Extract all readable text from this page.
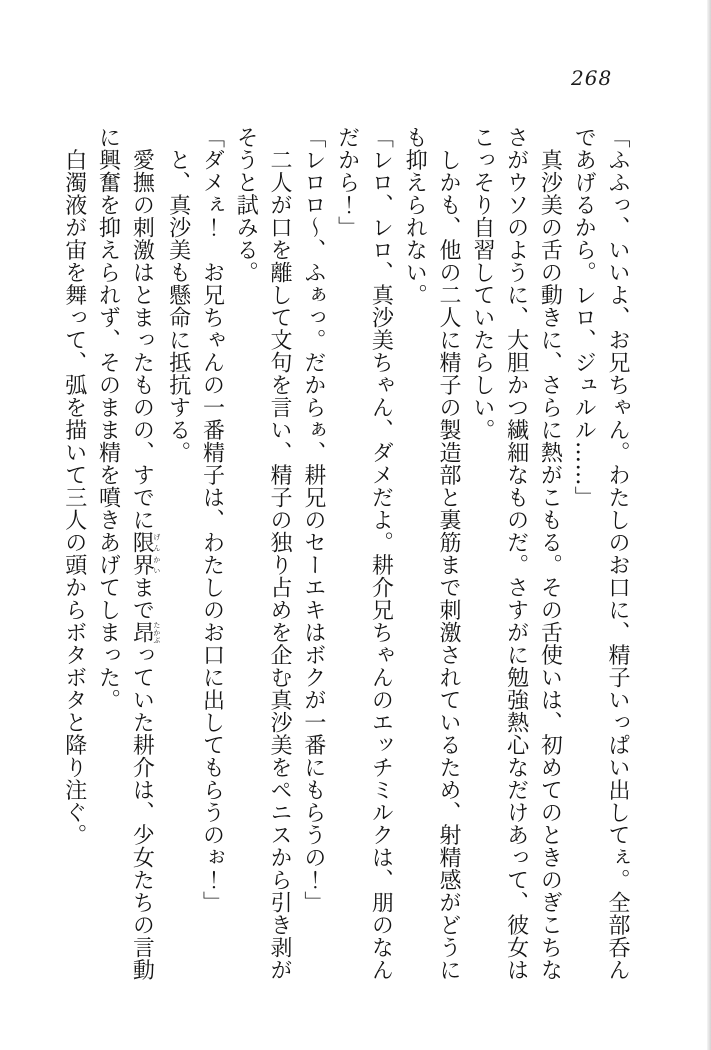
268

「ふふっ、いいよ、お兄ちゃん。わたしのお口に、精子いっぱい出してぇ。全部呑んであげるから。レロ、ジュルル……」

　真沙美の舌の動きに、さらに熱がこもる。その舌使いは、初めてのときのぎこちなさがウソのように、大胆かつ繊細なものだ。さすがに勉強熱心なだけあって、彼女はこっそり自習していたらしい。

　しかも、他の二人に精子の製造部と裏筋まで刺激されているため、射精感がどうにも抑えられない。

「レロ、レロ、真沙美ちゃん、ダメだよ。耕介兄ちゃんのエッチミルクは、朋のなんだから！」

「レロロ～、ふぁっ。だからぁ、耕兄のセーエキはボクが一番にもらうの！」

　二人が口を離して文句を言い、精子の独り占めを企む真沙美をペニスから引き剥がそうと試みる。

「ダメぇ！　お兄ちゃんの一番精子は、わたしのお口に出してもらうのぉ！」

　と、真沙美も懸命に抵抗する。

　愛撫の刺激はとまったものの、すでに限界げんかいまで昂たかぶっていた耕介は、少女たちの言動に興奮を抑えられず、そのまま精を噴きあげてしまった。

　白濁液が宙を舞って、弧を描いて三人の頭からボタボタと降り注ぐ。
